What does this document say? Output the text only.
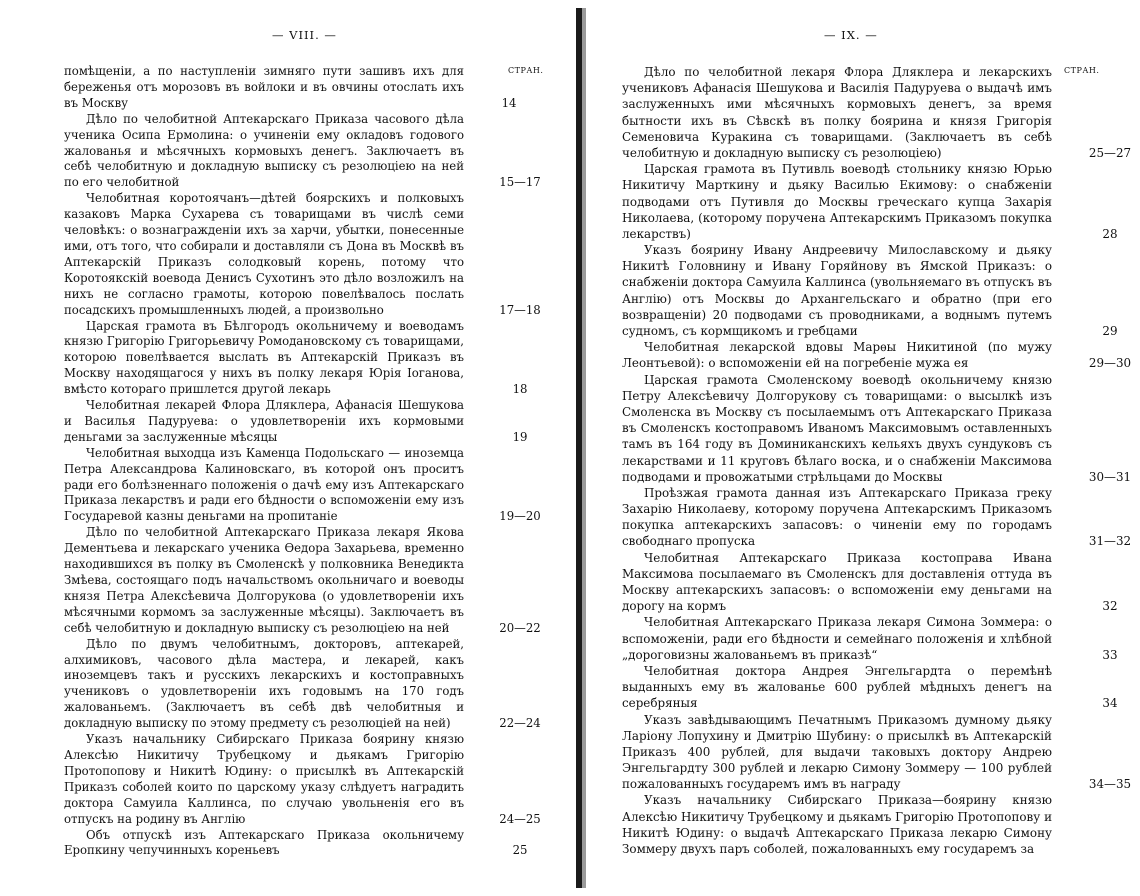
— VIII. —
СТРАН.
помѣщеніи, а по наступленіи зимняго пути зашивъ ихъ для береженья отъ морозовъ въ войлоки и въ овчины отослать ихъ въ Москву	14
Дѣло по челобитной Аптекарскаго Приказа часового дѣла ученика Осипа Ермолина: о учиненіи ему окладовъ годового жалованья и мѣсячныхъ кормовыхъ денегъ. Заключаетъ въ себѣ челобитную и докладную выписку съ резолюціею на ней по его челобитной	15—17
Челобитная коротоячанъ—дѣтей боярскихъ и полковыхъ казаковъ Марка Сухарева съ товарищами въ числѣ семи человѣкъ: о вознагражденіи ихъ за харчи, убытки, понесенные ими, отъ того, что собирали и доставляли съ Дона въ Москвѣ въ Аптекарскій Приказъ солодковый корень, потому что Коротоякскій воевода Денисъ Сухотинъ это дѣло возложилъ на нихъ не согласно грамоты, которою повелѣвалось послать посадскихъ промышленныхъ людей, а произвольно	17—18
Царская грамота въ Бѣлгородъ окольничему и воеводамъ князю Григорію Григорьевичу Ромодановскому съ товарищами, которою повелѣвается выслать въ Аптекарскій Приказъ въ Москву находящагося у нихъ въ полку лекаря Юрія Іоганова, вмѣсто котораго пришлется другой лекарь	18
Челобитная лекарей Флора Дляклера, Афанасія Шешукова и Василья Падуруева: о удовлетвореніи ихъ кормовыми деньгами за заслуженные мѣсяцы	19
Челобитная выходца изъ Каменца Подольскаго — иноземца Петра Александрова Калиновскаго, въ которой онъ проситъ ради его болѣзненнаго положенія о дачѣ ему изъ Аптекарскаго Приказа лекарствъ и ради его бѣдности о вспоможеніи ему изъ Государевой казны деньгами на пропитаніе	19—20
Дѣло по челобитной Аптекарскаго Приказа лекаря Якова Дементьева и лекарскаго ученика Өедора Захарьева, временно находившихся въ полку въ Смоленскѣ у полковника Венедикта Змѣева, состоящаго подъ начальствомъ окольничаго и воеводы князя Петра Алексѣевича Долгорукова (о удовлетвореніи ихъ мѣсячными кормомъ за заслуженные мѣсяцы). Заключаетъ въ себѣ челобитную и докладную выписку съ резолюціею на ней	20—22
Дѣло по двумъ челобитнымъ, докторовъ, аптекарей, алхимиковъ, часового дѣла мастера, и лекарей, какъ иноземцевъ такъ и русскихъ лекарскихъ и костоправныхъ учениковъ о удовлетвореніи ихъ годовымъ на 170 годъ жалованьемъ. (Заключаетъ въ себѣ двѣ челобитныя и докладную выписку по этому предмету съ резолюціей на ней)	22—24
Указъ начальнику Сибирскаго Приказа боярину князю Алексѣю Никитичу Трубецкому и дьякамъ Григорію Протопопову и Никитѣ Юдину: о присылкѣ въ Аптекарскій Приказъ соболей които по царскому указу слѣдуетъ наградить доктора Самуила Каллинса, по случаю увольненія его въ отпускъ на родину въ Англію	24—25
Объ отпускѣ изъ Аптекарскаго Приказа окольничему Еропкину чепучинныхъ кореньевъ	25
— IX. —
СТРАН.
Дѣло по челобитной лекаря Флора Дляклера и лекарскихъ учениковъ Афанасія Шешукова и Василія Падуруева о выдачѣ имъ заслуженныхъ ими мѣсячныхъ кормовыхъ денегъ, за время бытности ихъ въ Сѣвскѣ въ полку боярина и князя Григорія Семеновича Куракина съ товарищами. (Заключаетъ въ себѣ челобитную и докладную выписку съ резолюціею)	25—27
Царская грамота въ Путивль воеводѣ стольнику князю Юрью Никитичу Марткину и дьяку Василью Екимову: о снабженіи подводами отъ Путивля до Москвы греческаго купца Захарія Николаева, (которому поручена Аптекарскимъ Приказомъ покупка лекарствъ)	28
Указъ боярину Ивану Андреевичу Милославскому и дьяку Никитѣ Головнину и Ивану Горяйнову въ Ямской Приказъ: о снабженіи доктора Самуила Каллинса (увольняемаго въ отпускъ въ Англію) отъ Москвы до Архангельскаго и обратно (при его возвращеніи) 20 подводами съ проводниками, а воднымъ путемъ судномъ, съ кормщикомъ и гребцами	29
Челобитная лекарской вдовы Марѳы Никитиной (по мужу Леонтьевой): о вспоможеніи ей на погребеніе мужа ея	29—30
Царская грамота Смоленскому воеводѣ окольничему князю Петру Алексѣевичу Долгорукову съ товарищами: о высылкѣ изъ Смоленска въ Москву съ посылаемымъ отъ Аптекарскаго Приказа въ Смоленскъ костоправомъ Иваномъ Максимовымъ оставленныхъ тамъ въ 164 году въ Доминиканскихъ кельяхъ двухъ сундуковъ съ лекарствами и 11 круговъ бѣлаго воска, и о снабженіи Максимова подводами и провожатыми стрѣльцами до Москвы	30—31
Проѣзжая грамота данная изъ Аптекарскаго Приказа греку Захарію Николаеву, которому поручена Аптекарскимъ Приказомъ покупка аптекарскихъ запасовъ: о чиненіи ему по городамъ свободнаго пропуска	31—32
Челобитная Аптекарскаго Приказа костоправа Ивана Максимова посылаемаго въ Смоленскъ для доставленія оттуда въ Москву аптекарскихъ запасовъ: о вспоможеніи ему деньгами на дорогу на кормъ	32
Челобитная Аптекарскаго Приказа лекаря Симона Зоммера: о вспоможеніи, ради его бѣдности и семейнаго положенія и хлѣбной „дороговизны жалованьемъ въ приказѣ“	33
Челобитная доктора Андрея Энгельгардта о перемѣнѣ выданныхъ ему въ жалованье 600 рублей мѣдныхъ денегъ на серебряныя	34
Указъ завѣдывающимъ Печатнымъ Приказомъ думному дьяку Ларіону Лопухину и Дмитрію Шубину: о присылкѣ въ Аптекарскій Приказъ 400 рублей, для выдачи таковыхъ доктору Андрею Энгельгардту 300 рублей и лекарю Симону Зоммеру — 100 рублей пожалованныхъ государемъ имъ въ награду	34—35
Указъ начальнику Сибирскаго Приказа—боярину князю Алексѣю Никитичу Трубецкому и дьякамъ Григорію Протопопову и Никитѣ Юдину: о выдачѣ Аптекарскаго Приказа лекарю Симону Зоммеру двухъ паръ соболей, пожалованныхъ ему государемъ за
